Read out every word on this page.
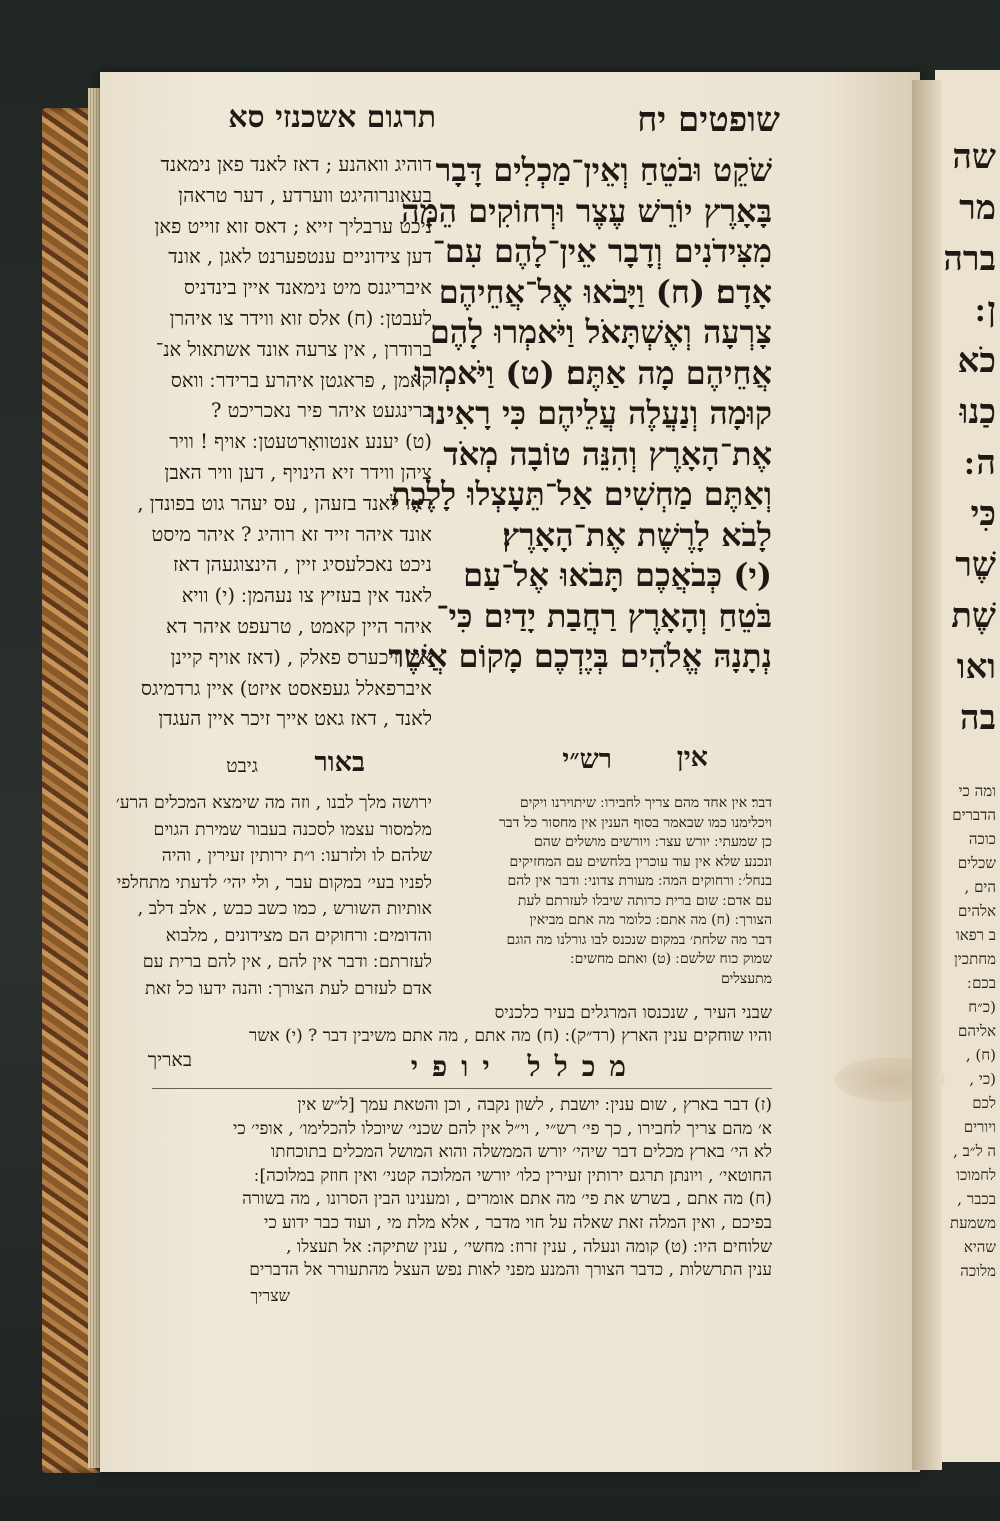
שה
מר
ברה
ן ׃
כֹא
כַנוּ
ה ׃
כִּי
שֶׁר
שֶׁת
ואו
בה
ומה כי
הדברים
כוכה
שכלים
הים ,
אלהים
ב רפאו
מחתכין
בכם ׃
(כ״ח
אליהם
(ח) ,
(כי ,
לכם
ויורים
ה ל״ב ,
לחמוכו
בכבר ,
משמעת
שהיא
מלוכה
שופטים יח
תרגום אשכנזי סא
שֹׁקֵט וּבֹטֵחַ וְאֵין־מַכְלִים דָּבָר
בָּאָרֶץ יוֹרֵשׁ עֶצֶר וּרְחוֹקִים הֵמָּה
מִצִּידֹנִים וְדָבָר אֵין־לָהֶם עִם־
אָדָם׃ (ח) וַיָּבֹאוּ אֶל־אֲחֵיהֶם
צָרְעָה וְאֶשְׁתָּאֹל וַיֹּאמְרוּ לָהֶם
אֲחֵיהֶם מָה אַתֶּם׃ (ט) וַיֹּאמְרוּ
קוּמָה וְנַעֲלֶה עֲלֵיהֶם כִּי רָאִינוּ
אֶת־הָאָרֶץ וְהִנֵּה טוֹבָה מְאֹד
וְאַתֶּם מַחְשִׁים אַל־תֵּעָצְלוּ לָלֶכֶת
לָבֹא לָרֶשֶׁת אֶת־הָאָרֶץ׃
(י) כְּבֹאֲכֶם תָּבֹאוּ אֶל־עַם
בֹּטֵחַ וְהָאָרֶץ רַחֲבַת יָדַיִם כִּי־
נְתָנָהּ אֱלֹהִים בְּיֶדְכֶם מָקוֹם אֲשֶׁר
אין
רש״י
דוהיג וואהנע ; דאז לאנד פאן נימאנד
בעאונרוהיגט ווערדע , דער טראהן
ניכט ערבליך זייא ; דאס זוא זוייט פאן
דען צידוניים ענטפערנט לאגן , אונד
איבריגנס מיט נימאנד איין בינדניס
לעבטן ׃ (ח) אלס זוא ווידר צו איהרן
ברודרן , אין צרעה אונד אשתאול אנ־
קאמן , פראגטן איהרע ברידר ׃ וואס
ברינגעט איהר פיר נאכריכט ?
(ט) יענע אנטוואָרטעטן ׃ אויף ! וויר
ציהן ווידר זיא הינויף , דען וויר האבן
דאז לאנד בזעהן , עס יעהר גוט בפונדן ,
אונד איהר זייד זא רוהיג ? איהר מיסט
ניכט נאכלעסיג זיין , הינצוגעהן דאז
לאנד אין בעזיץ צו נעהמן ׃ (י) וויא
איהר היין קאמט , טרעפט איהר דא
איין זיכערס פאלק , (דאז אויף קיינן
איברפאלל געפאסט איזט) איין גרדמיגס
לאנד , דאז גאט אייך זיכר איין העגדן
גיבט באור
ירושה מלך לבנו , וזה מה שימצא המכלים הרע׳
מלמסור עצמו לסכנה בעבור שמירת הגוים
שלהם לו ולזרעו ׃ ו״ת ירותין זעירין , והיה
לפניו בעי׳ במקום עבר , ולי יהי׳ לדעתי מתחלפי
אותיות השורש , כמו כשב כבש , אלב דלב ,
והדומים ׃ ורחוקים הם מצידונים , מלבוא
לעזרתם ׃ ודבר אין להם , אין להם ברית עם
אדם לעזרם לעת הצורך ׃ והנה ידעו כל זאת
דבר׃ אין אחד מהם צריך לחבירו ׃ שיתוירנו ויקים
ויכלימנו כמו שבאמר בסוף הענין אין מחסור כל דבר
כן שמעתי ׃ יורש עצר ׃ ויורשים מושלים שהם
ונכנע שלא אין עוד עוכרין בלחשים עם המחזיקים
בנחל׳ ׃ ורחוקים המה ׃ מעורת צדוני ׃ ודבר אין להם
עם אדם ׃ שום ברית כרותה שיבלו לעזרתם לעת
הצורך ׃ (ח) מה אתם ׃ כלומר מה אתם מביאין
דבר מה שלחת׳ במקום שנכנס לבו גורלנו מה הוגם
שמוק כוח שלשם ׃ (ט) ואתם מחשים ׃
מתעצלים
שבני העיר , שנכנסו המרגלים בעיר כלכניס
והיו שוחקים ענין הארץ (רד״ק) ׃ (ח) מה אתם , מה אתם משיבין דבר ? (י) אשר
באריך	מכלל יופי
(ז) דבר בארץ , שום ענין ׃ יושבת , לשון נקבה , וכן והטאת עמך [ל״ש אין
א׳ מהם צריך לחבירו , כך פי׳ רש״י , וי״ל אין להם שכני׳ שיוכלו להכלימו׳ , אופי׳ כי
לא הי׳ בארץ מכלים דבר שיהי׳ יורש הממשלה והוא המושל המכלים בתוכחתו
החוטאי׳ , ויונתן תרגם ירותין זעירין כלו׳ יורשי המלוכה קטני׳ ואין חוזק במלוכה] ׃
(ח) מה אתם , בשרש את פי׳ מה אתם אומרים , ומענינו הבין הסרונו , מה בשורה
בפיכם , ואין המלה זאת שאלה על חוי מדבר , אלא מלת מי , ועוד כבר ידוע כי
שלוחים היו ׃ (ט) קומה ונעלה , ענין זרוז ׃ מחשי׳ , ענין שתיקה ׃ אל תעצלו ,
ענין התרשלות , כדבר הצורך והמנע מפני לאות נפש העצל מהתעורר אל הדברים
שצריך
